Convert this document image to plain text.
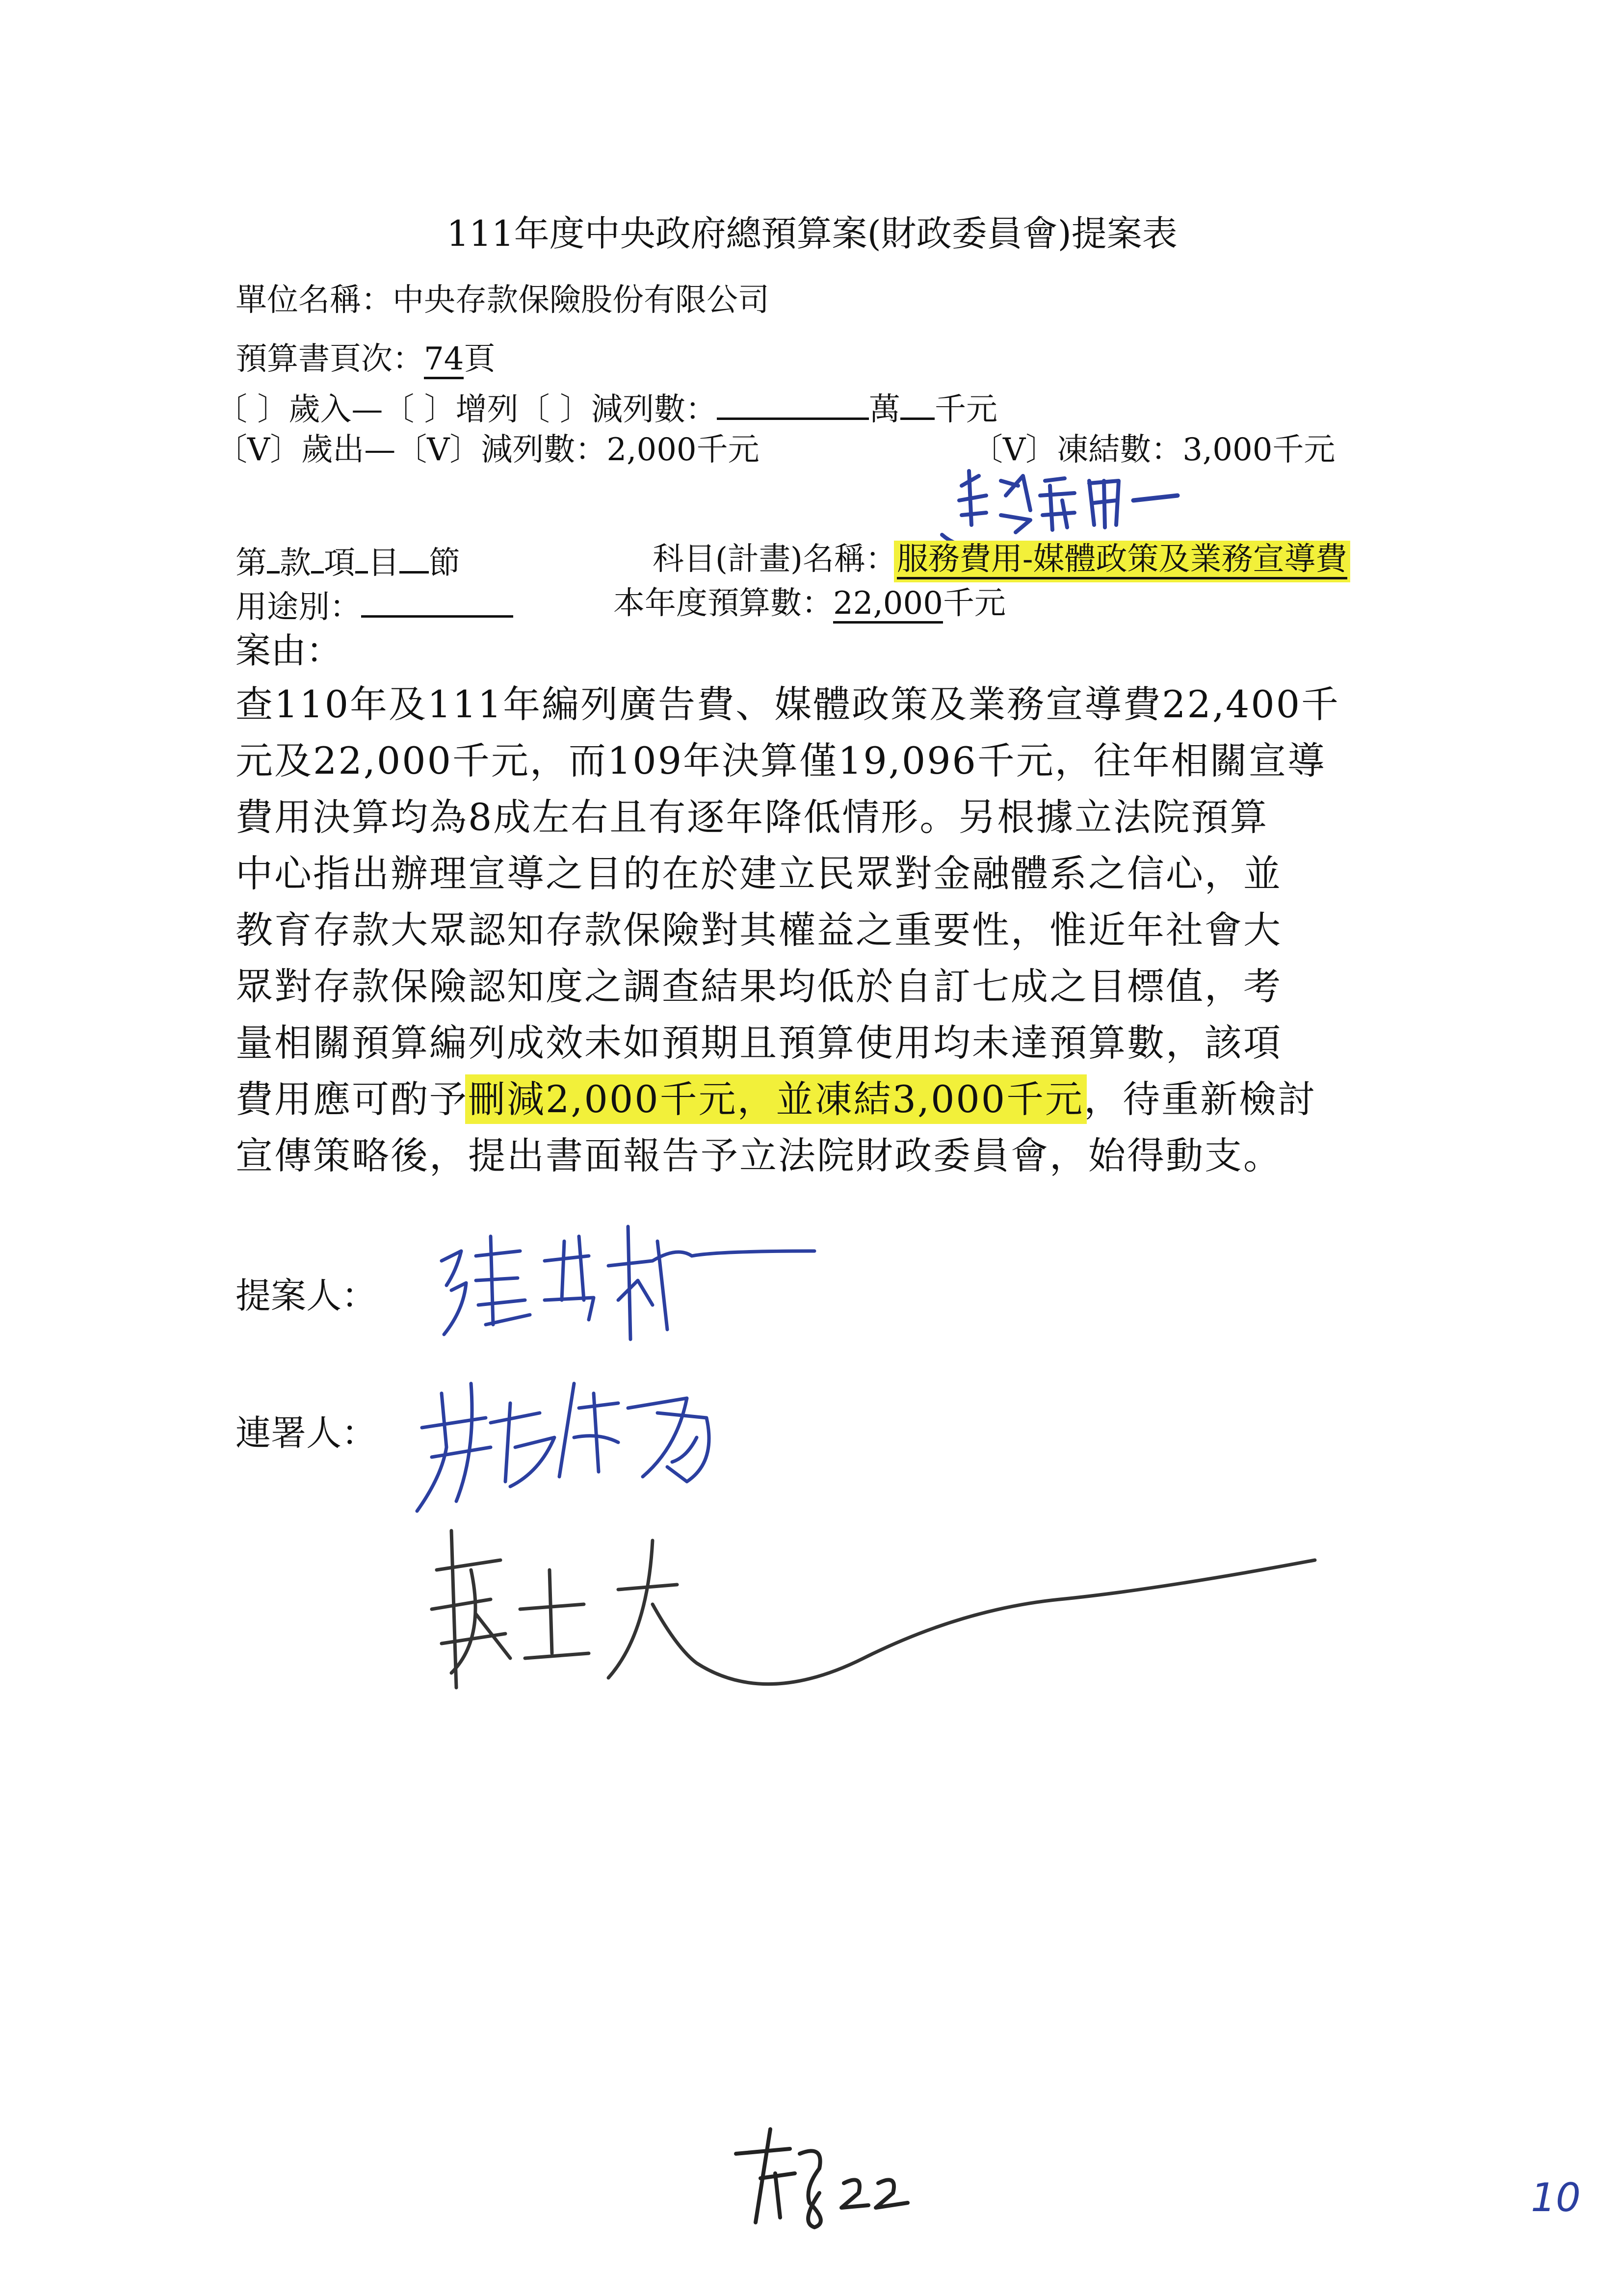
111年度中央政府總預算案(財政委員會)提案表
單位名稱：中央存款保險股份有限公司
預算書頁次：74頁
〔 〕歲入—〔 〕增列〔 〕減列數：	萬 千元
〔V〕歲出—〔V〕減列數：2,000千元	〔V〕凍結數：3,000千元
第 款 項 目 節	科目(計畫)名稱：服務費用-媒體政策及業務宣導費
用途別：	本年度預算數：22,000千元
案由：
查110年及111年編列廣告費、媒體政策及業務宣導費22,400千
元及22,000千元，而109年決算僅19,096千元，往年相關宣導
費用決算均為8成左右且有逐年降低情形。另根據立法院預算
中心指出辦理宣導之目的在於建立民眾對金融體系之信心，並
教育存款大眾認知存款保險對其權益之重要性，惟近年社會大
眾對存款保險認知度之調查結果均低於自訂七成之目標值，考
量相關預算編列成效未如預期且預算使用均未達預算數，該項
費用應可酌予刪減2,000千元，並凍結3,000千元，待重新檢討
宣傳策略後，提出書面報告予立法院財政委員會，始得動支。
提案人：
連署人：
10
